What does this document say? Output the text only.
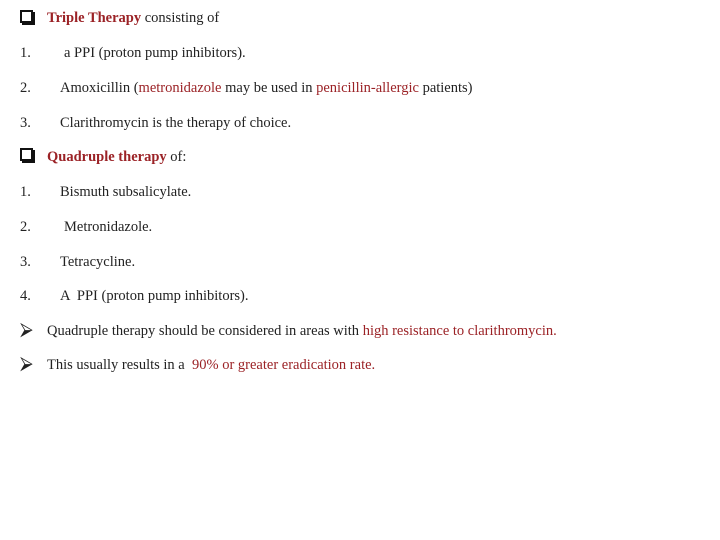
Triple Therapy consisting of
1. a PPI (proton pump inhibitors).
2. Amoxicillin (metronidazole may be used in penicillin-allergic patients)
3. Clarithromycin is the therapy of choice.
Quadruple therapy of:
1. Bismuth subsalicylate.
2. Metronidazole.
3. Tetracycline.
4. A  PPI (proton pump inhibitors).
⮚ Quadruple therapy should be considered in areas with high resistance to clarithromycin.
⮚ This usually results in a  90% or greater eradication rate.
